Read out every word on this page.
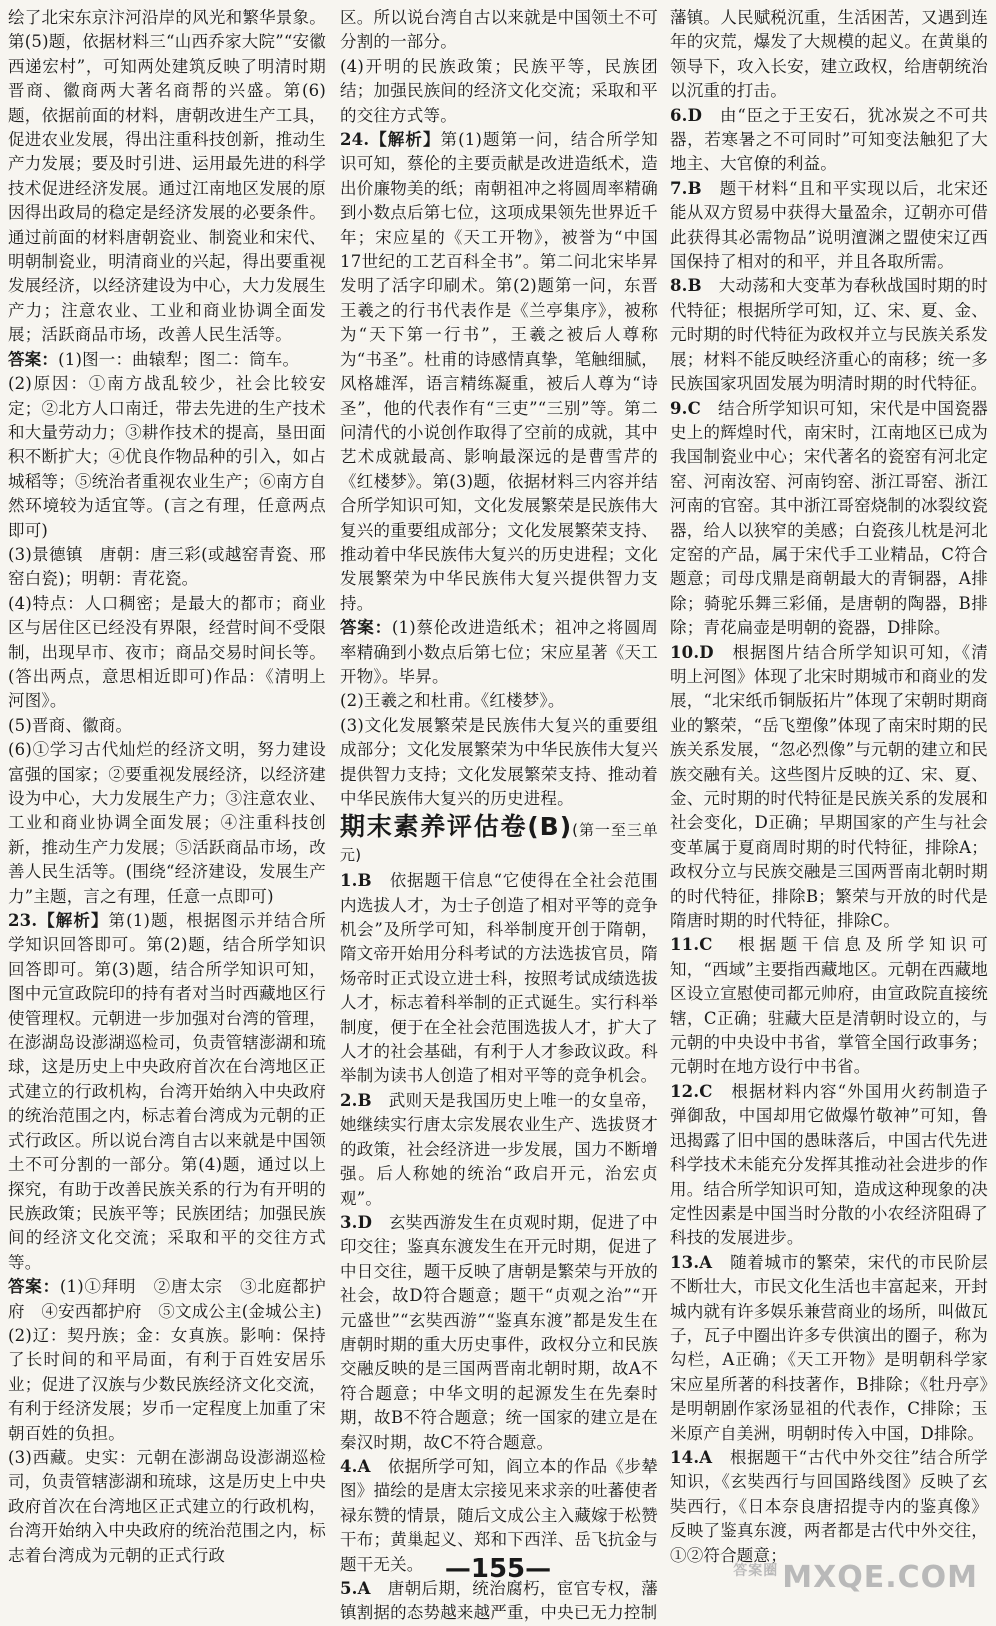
绘了北宋东京汴河沿岸的风光和繁华景象。第(5)题，依据材料三“山西乔家大院”“安徽西递宏村”，可知两处建筑反映了明清时期晋商、徽商两大著名商帮的兴盛。第(6)题，依据前面的材料，唐朝改进生产工具，促进农业发展，得出注重科技创新，推动生产力发展；要及时引进、运用最先进的科学技术促进经济发展。通过江南地区发展的原因得出政局的稳定是经济发展的必要条件。通过前面的材料唐朝瓷业、制瓷业和宋代、明朝制瓷业，明清商业的兴起，得出要重视发展经济，以经济建设为中心，大力发展生产力；注意农业、工业和商业协调全面发展；活跃商品市场，改善人民生活等。

答案：(1)图一：曲辕犁；图二：筒车。

(2)原因：①南方战乱较少，社会比较安定；②北方人口南迁，带去先进的生产技术和大量劳动力；③耕作技术的提高，垦田面积不断扩大；④优良作物品种的引入，如占城稻等；⑤统治者重视农业生产；⑥南方自然环境较为适宜等。(言之有理，任意两点即可)

(3)景德镇　唐朝：唐三彩(或越窑青瓷、邢窑白瓷)；明朝：青花瓷。

(4)特点：人口稠密；是最大的都市；商业区与居住区已经没有界限，经营时间不受限制，出现早市、夜市；商品交易时间长等。(答出两点，意思相近即可)作品：《清明上河图》。

(5)晋商、徽商。

(6)①学习古代灿烂的经济文明，努力建设富强的国家；②要重视发展经济，以经济建设为中心，大力发展生产力；③注意农业、工业和商业协调全面发展；④注重科技创新，推动生产力发展；⑤活跃商品市场，改善人民生活等。(围绕“经济建设，发展生产力”主题，言之有理，任意一点即可)

23.【解析】第(1)题，根据图示并结合所学知识回答即可。第(2)题，结合所学知识回答即可。第(3)题，结合所学知识可知，图中元宣政院印的持有者对当时西藏地区行使管理权。元朝进一步加强对台湾的管理，在澎湖岛设澎湖巡检司，负责管辖澎湖和琉球，这是历史上中央政府首次在台湾地区正式建立的行政机构，台湾开始纳入中央政府的统治范围之内，标志着台湾成为元朝的正式行政区。所以说台湾自古以来就是中国领土不可分割的一部分。第(4)题，通过以上探究，有助于改善民族关系的行为有开明的民族政策；民族平等；民族团结；加强民族间的经济文化交流；采取和平的交往方式等。

答案：(1)①拜明　②唐太宗　③北庭都护府　④安西都护府　⑤文成公主(金城公主)

(2)辽：契丹族；金：女真族。影响：保持了长时间的和平局面，有利于百姓安居乐业；促进了汉族与少数民族经济文化交流，有利于经济发展；岁币一定程度上加重了宋朝百姓的负担。

(3)西藏。史实：元朝在澎湖岛设澎湖巡检司，负责管辖澎湖和琉球，这是历史上中央政府首次在台湾地区正式建立的行政机构，台湾开始纳入中央政府的统治范围之内，标志着台湾成为元朝的正式行政

区。所以说台湾自古以来就是中国领土不可分割的一部分。

(4)开明的民族政策；民族平等，民族团结；加强民族间的经济文化交流；采取和平的交往方式等。

24.【解析】第(1)题第一问，结合所学知识可知，蔡伦的主要贡献是改进造纸术，造出价廉物美的纸；南朝祖冲之将圆周率精确到小数点后第七位，这项成果领先世界近千年；宋应星的《天工开物》，被誉为“中国17世纪的工艺百科全书”。第二问北宋毕昇发明了活字印刷术。第(2)题第一问，东晋王羲之的行书代表作是《兰亭集序》，被称为“天下第一行书”，王羲之被后人尊称为“书圣”。杜甫的诗感情真挚，笔触细腻，风格雄浑，语言精练凝重，被后人尊为“诗圣”，他的代表作有“三吏”“三别”等。第二问清代的小说创作取得了空前的成就，其中艺术成就最高、影响最深远的是曹雪芹的《红楼梦》。第(3)题，依据材料三内容并结合所学知识可知，文化发展繁荣是民族伟大复兴的重要组成部分；文化发展繁荣支持、推动着中华民族伟大复兴的历史进程；文化发展繁荣为中华民族伟大复兴提供智力支持。

答案：(1)蔡伦改进造纸术；祖冲之将圆周率精确到小数点后第七位；宋应星著《天工开物》。毕昇。

(2)王羲之和杜甫。《红楼梦》。

(3)文化发展繁荣是民族伟大复兴的重要组成部分；文化发展繁荣为中华民族伟大复兴提供智力支持；文化发展繁荣支持、推动着中华民族伟大复兴的历史进程。

期末素养评估卷(B)(第一至三单元)

1.B　 依据题干信息“它使得在全社会范围内选拔人才，为士子创造了相对平等的竞争机会”及所学可知，科举制度开创于隋朝，隋文帝开始用分科考试的方法选拔官员，隋炀帝时正式设立进士科，按照考试成绩选拔人才，标志着科举制的正式诞生。实行科举制度，便于在全社会范围选拔人才，扩大了人才的社会基础，有利于人才参政议政。科举制为读书人创造了相对平等的竞争机会。

2.B　 武则天是我国历史上唯一的女皇帝，她继续实行唐太宗发展农业生产、选拔贤才的政策，社会经济进一步发展，国力不断增强。后人称她的统治“政启开元，治宏贞观”。

3.D　 玄奘西游发生在贞观时期，促进了中印交往；鉴真东渡发生在开元时期，促进了中日交往，题干反映了唐朝是繁荣与开放的社会，故D符合题意；题干“贞观之治”“开元盛世”“玄奘西游”“鉴真东渡”都是发生在唐朝时期的重大历史事件，政权分立和民族交融反映的是三国两晋南北朝时期，故A不符合题意；中华文明的起源发生在先秦时期，故B不符合题意；统一国家的建立是在秦汉时期，故C不符合题意。

4.A　 依据所学可知，阎立本的作品《步辇图》描绘的是唐太宗接见来求亲的吐蕃使者禄东赞的情景，随后文成公主入藏嫁于松赞干布；黄巢起义、郑和下西洋、岳飞抗金与题干无关。

5.A　 唐朝后期，统治腐朽，宦官专权，藩镇割据的态势越来越严重，中央已无力控制

藩镇。人民赋税沉重，生活困苦，又遇到连年的灾荒，爆发了大规模的起义。在黄巢的领导下，攻入长安，建立政权，给唐朝统治以沉重的打击。

6.D　 由“臣之于王安石，犹冰炭之不可共器，若寒暑之不可同时”可知变法触犯了大地主、大官僚的利益。

7.B　 题干材料“且和平实现以后，北宋还能从双方贸易中获得大量盈余，辽朝亦可借此获得其必需物品”说明澶渊之盟使宋辽西国保持了相对的和平，并且各取所需。

8.B　 大动荡和大变革为春秋战国时期的时代特征；根据所学可知，辽、宋、夏、金、元时期的时代特征为政权并立与民族关系发展；材料不能反映经济重心的南移；统一多民族国家巩固发展为明清时期的时代特征。

9.C　 结合所学知识可知，宋代是中国瓷器史上的辉煌时代，南宋时，江南地区已成为我国制瓷业中心；宋代著名的瓷窑有河北定窑、河南汝窑、河南钧窑、浙江哥窑、浙江河南的官窑。其中浙江哥窑烧制的冰裂纹瓷器，给人以狭窄的美感；白瓷孩儿枕是河北定窑的产品，属于宋代手工业精品，C符合题意；司母戊鼎是商朝最大的青铜器，A排除；骑驼乐舞三彩俑，是唐朝的陶器，B排除；青花扁壶是明朝的瓷器，D排除。

10.D　 根据图片结合所学知识可知，《清明上河图》体现了北宋时期城市和商业的发展，“北宋纸币铜版拓片”体现了宋朝时期商业的繁荣，“岳飞塑像”体现了南宋时期的民族关系发展，“忽必烈像”与元朝的建立和民族交融有关。这些图片反映的辽、宋、夏、金、元时期的时代特征是民族关系的发展和社会变化，D正确；早期国家的产生与社会变革属于夏商周时期的时代特征，排除A；政权分立与民族交融是三国两晋南北朝时期的时代特征，排除B；繁荣与开放的时代是隋唐时期的时代特征，排除C。

11.C　 根据题干信息及所学知识可知，“西域”主要指西藏地区。元朝在西藏地区设立宣慰使司都元帅府，由宣政院直接统辖，C正确；驻藏大臣是清朝时设立的，与元朝的中央设中书省，掌管全国行政事务；元朝时在地方设行中书省。

12.C　 根据材料内容“外国用火药制造子弹御敌，中国却用它做爆竹敬神”可知，鲁迅揭露了旧中国的愚昧落后，中国古代先进科学技术未能充分发挥其推动社会进步的作用。结合所学知识可知，造成这种现象的决定性因素是中国当时分散的小农经济阻碍了科技的发展进步。

13.A　 随着城市的繁荣，宋代的市民阶层不断壮大，市民文化生活也丰富起来，开封城内就有许多娱乐兼营商业的场所，叫做瓦子，瓦子中圈出许多专供演出的圈子，称为勾栏，A正确；《天工开物》是明朝科学家宋应星所著的科技著作，B排除；《牡丹亭》是明朝剧作家汤显祖的代表作，C排除；玉米原产自美洲，明朝时传入中国，D排除。

14.A　 根据题干“古代中外交往”结合所学知识，《玄奘西行与回国路线图》反映了玄奘西行，《日本奈良唐招提寺内的鉴真像》反映了鉴真东渡，两者都是古代中外交往，①②符合题意；

—155—	$^{答案圈}$ MXQE.COM
